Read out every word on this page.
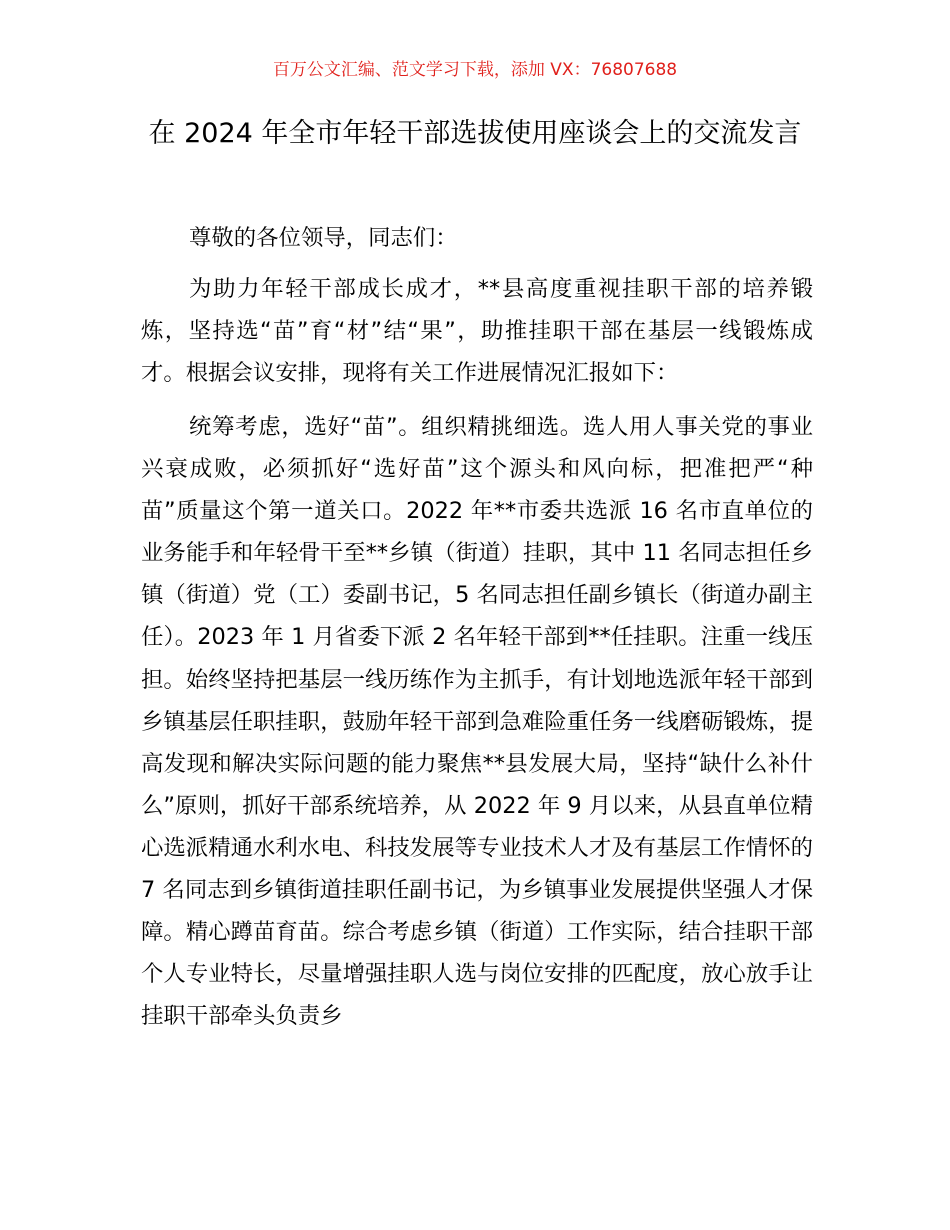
百万公文汇编、范文学习下载，添加 VX：76807688
在 2024 年全市年轻干部选拔使用座谈会上的交流发言

尊敬的各位领导，同志们：

为助力年轻干部成长成才，**县高度重视挂职干部的培养锻炼，坚持选“苗”育“材”结“果”，助推挂职干部在基层一线锻炼成才。根据会议安排，现将有关工作进展情况汇报如下：

统筹考虑，选好“苗”。组织精挑细选。选人用人事关党的事业兴衰成败，必须抓好“选好苗”这个源头和风向标，把准把严“种苗”质量这个第一道关口。2022 年**市委共选派 16 名市直单位的业务能手和年轻骨干至**乡镇（街道）挂职，其中 11 名同志担任乡镇（街道）党（工）委副书记，5 名同志担任副乡镇长（街道办副主任）。2023 年 1 月省委下派 2 名年轻干部到**任挂职。注重一线压担。始终坚持把基层一线历练作为主抓手，有计划地选派年轻干部到乡镇基层任职挂职，鼓励年轻干部到急难险重任务一线磨砺锻炼，提高发现和解决实际问题的能力聚焦**县发展大局，坚持“缺什么补什么”原则，抓好干部系统培养，从 2022 年 9 月以来，从县直单位精心选派精通水利水电、科技发展等专业技术人才及有基层工作情怀的 7 名同志到乡镇街道挂职任副书记，为乡镇事业发展提供坚强人才保障。精心蹲苗育苗。综合考虑乡镇（街道）工作实际，结合挂职干部个人专业特长，尽量增强挂职人选与岗位安排的匹配度，放心放手让挂职干部牵头负责乡
